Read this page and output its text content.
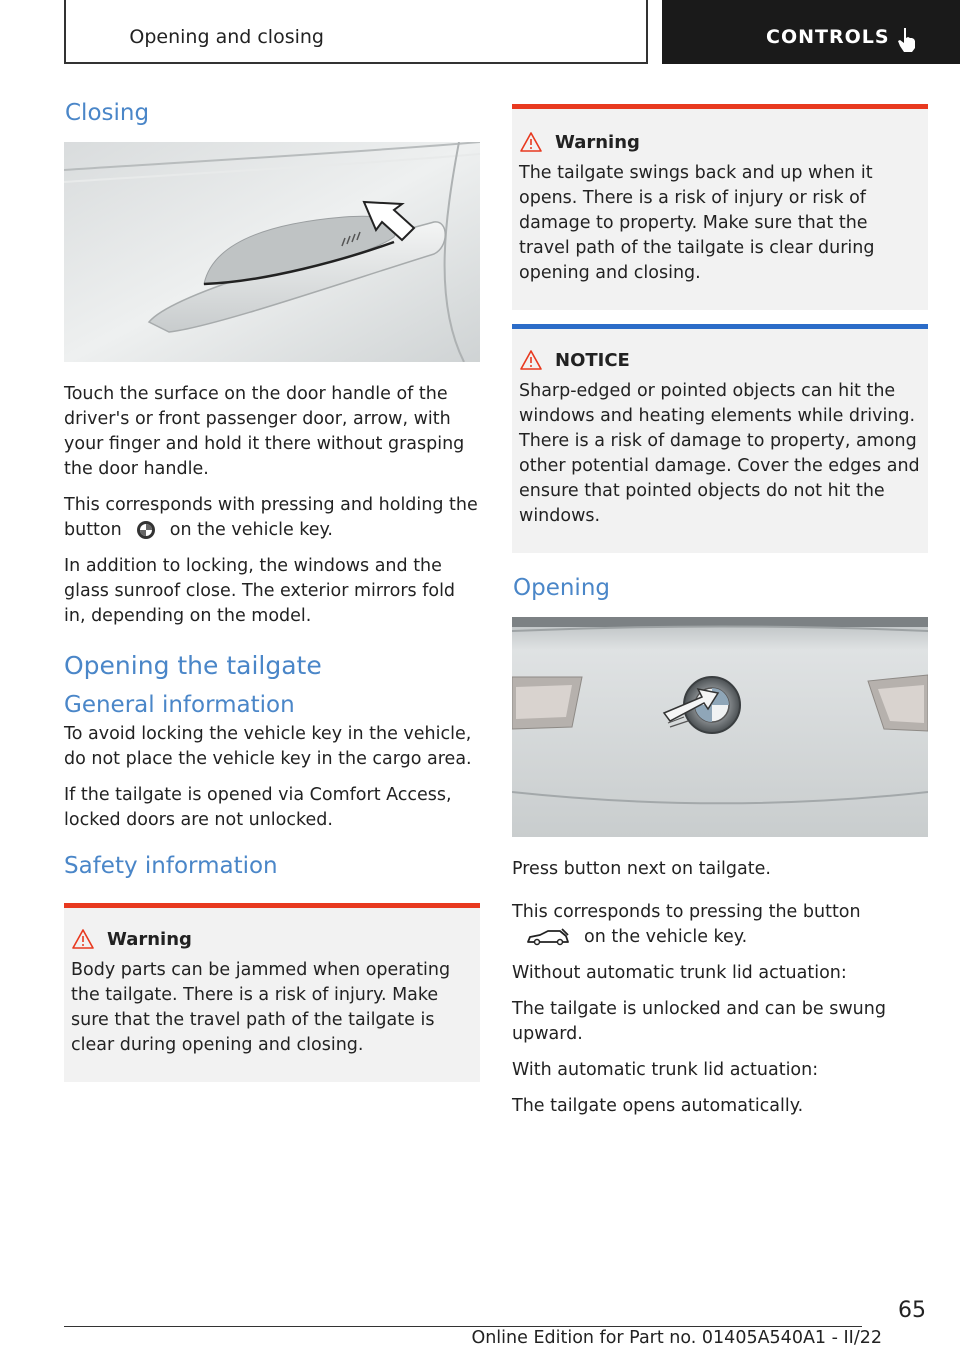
Opening and closing	CONTROLS
Closing

Touch the surface on the door handle of the driver's or front passenger door, arrow, with your finger and hold it there without grasping the door handle.

This corresponds with pressing and holding the button	on the vehicle key.

In addition to locking, the windows and the glass sunroof close. The exterior mirrors fold in, depending on the model.

Opening the tailgate
General information

To avoid locking the vehicle key in the vehicle, do not place the vehicle key in the cargo area.

If the tailgate is opened via Comfort Access, locked doors are not unlocked.

Safety information
Warning

Body parts can be jammed when operating the tailgate. There is a risk of injury. Make sure that the travel path of the tailgate is clear during opening and closing.

Warning

The tailgate swings back and up when it opens. There is a risk of injury or risk of damage to property. Make sure that the travel path of the tailgate is clear during opening and closing.

NOTICE

Sharp-edged or pointed objects can hit the windows and heating elements while driving. There is a risk of damage to property, among other potential damage. Cover the edges and ensure that pointed objects do not hit the windows.

Opening

Press button next on tailgate.

This corresponds to pressing the buttonon the vehicle key.

Without automatic trunk lid actuation:

The tailgate is unlocked and can be swung upward.

With automatic trunk lid actuation:

The tailgate opens automatically.

65
Online Edition for Part no. 01405A540A1 - II/22
